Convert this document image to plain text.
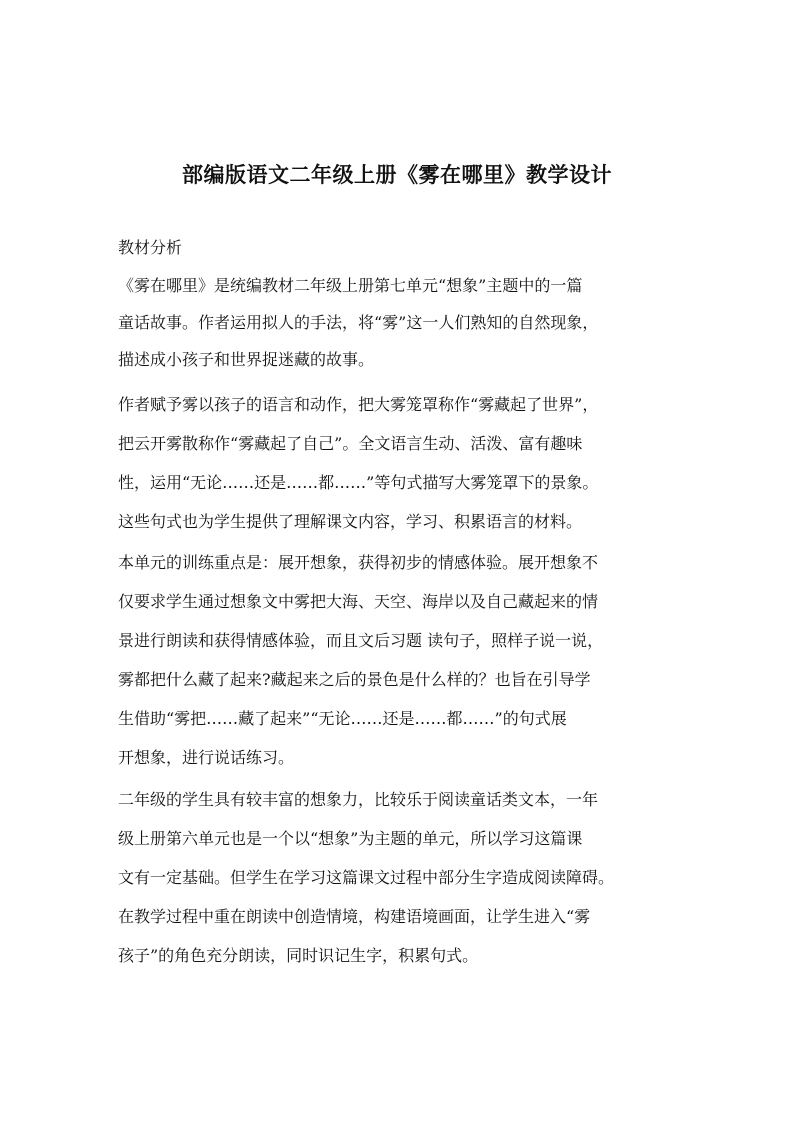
部编版语文二年级上册《雾在哪里》教学设计
教材分析
《雾在哪里》是统编教材二年级上册第七单元“想象”主题中的一篇
童话故事。作者运用拟人的手法，将“雾”这一人们熟知的自然现象，
描述成小孩子和世界捉迷藏的故事。
作者赋予雾以孩子的语言和动作，把大雾笼罩称作“雾藏起了世界”，
把云开雾散称作“雾藏起了自己”。全文语言生动、活泼、富有趣味
性，运用“无论……还是……都……”等句式描写大雾笼罩下的景象。
这些句式也为学生提供了理解课文内容，学习、积累语言的材料。
本单元的训练重点是：展开想象，获得初步的情感体验。展开想象不
仅要求学生通过想象文中雾把大海、天空、海岸以及自己藏起来的情
景进行朗读和获得情感体验，而且文后习题 读句子，照样子说一说，
雾都把什么藏了起来?藏起来之后的景色是什么样的？也旨在引导学
生借助“雾把……藏了起来”“无论……还是……都……”的句式展
开想象，进行说话练习。
二年级的学生具有较丰富的想象力，比较乐于阅读童话类文本，一年
级上册第六单元也是一个以“想象”为主题的单元，所以学习这篇课
文有一定基础。但学生在学习这篇课文过程中部分生字造成阅读障碍。
在教学过程中重在朗读中创造情境，构建语境画面，让学生进入“雾
孩子”的角色充分朗读，同时识记生字，积累句式。
